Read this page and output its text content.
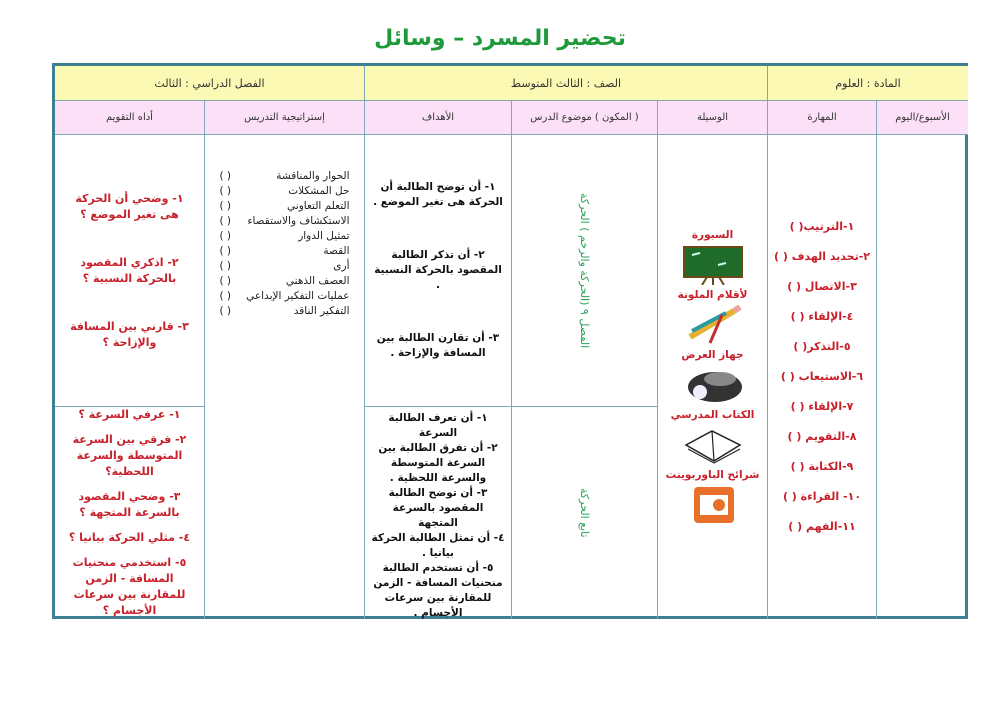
تحضير المسرد – وسائل
المادة : العلوم
الصف : الثالث المتوسط
الفصل الدراسي : الثالث
الأسبوع/اليوم
المهارة
الوسيلة
( المكون ) موضوع الدرس
الأهداف
إستراتيجية التدريس
أداه التقويم
١-الترتيب( )
٢-تحديد الهدف ( )
٣-الاتصال ( )
٤-الإلقاء ( )
٥-التذكر( )
٦-الاستيعاب ( )
٧-الإلقاء ( )
٨-التقويم ( )
٩-الكتابة ( )
١٠- القراءة ( )
١١-الفهم ( )
السبورة
لأقلام الملونة
جهاز العرض
الكتاب المدرسي
شرائح الباوربوينت
الفصل ٩ (الحركة والزخم ) الحركة
تابع الحركة
١- أن توضح الطالبة أن الحركة هى تغير الموضع .
٢- أن تذكر الطالبة المقصود بالحركة النسبية .
٣- أن تقارن الطالبة بين المسافة والإزاحة .
١- أن تعرف الطالبة السرعة
٢- أن تفرق الطالبة بين السرعة المتوسطة والسرعة اللحظية .
٣- أن توضح الطالبة المقصود بالسرعة المتجهة
٤- أن تمثل الطالبة الحركة بيانيا .
٥- أن تستخدم الطالبة منحنيات المسافة - الزمن للمقارنة بين سرعات الأجسام .
الحوار والمناقشة
( )
حل المشكلات
( )
التعلم التعاوني
( )
الاستكشاف والاستقصاء
( )
تمثيل الدوار
( )
القصة
( )
أرى
( )
العصف الذهني
( )
عمليات التفكير الإبداعي
( )
التفكير الناقد
( )
١- وضحي أن الحركة هى تغير الموضع ؟
٢- اذكري المقصود بالحركة النسبية ؟
٣- قارني بين المسافة والإزاحة ؟
١- عرفي السرعة ؟
٢- فرقي بين السرعة المتوسطة والسرعة اللحظية؟
٣- وضحي المقصود بالسرعة المتجهة ؟
٤- مثلي الحركة بيانيا ؟
٥- استخدمي منحنيات المسافة - الزمن للمقارنة بين سرعات الأجسام ؟
